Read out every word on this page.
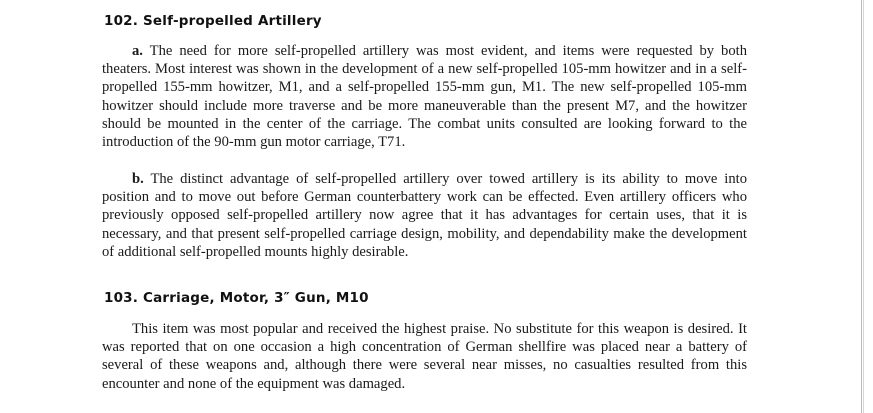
102. Self-propelled Artillery
a. The need for more self-propelled artillery was most evident, and items were requested by both theaters. Most interest was shown in the development of a new self-propelled 105-mm howitzer and in a self-propelled 155-mm howitzer, M1, and a self-propelled 155-mm gun, M1. The new self-propelled 105-mm howitzer should include more traverse and be more maneuverable than the present M7, and the howitzer should be mounted in the center of the carriage. The combat units consulted are looking forward to the introduction of the 90-mm gun motor carriage, T71.
b. The distinct advantage of self-propelled artillery over towed artillery is its ability to move into position and to move out before German counterbattery work can be effected. Even artillery officers who previously opposed self-propelled artillery now agree that it has advantages for certain uses, that it is necessary, and that present self-propelled carriage design, mobility, and dependability make the development of additional self-propelled mounts highly desirable.
103. Carriage, Motor, 3″ Gun, M10
This item was most popular and received the highest praise. No substitute for this weapon is desired. It was reported that on one occasion a high concentration of German shellfire was placed near a battery of several of these weapons and, although there were several near misses, no casualties resulted from this encounter and none of the equipment was damaged.
